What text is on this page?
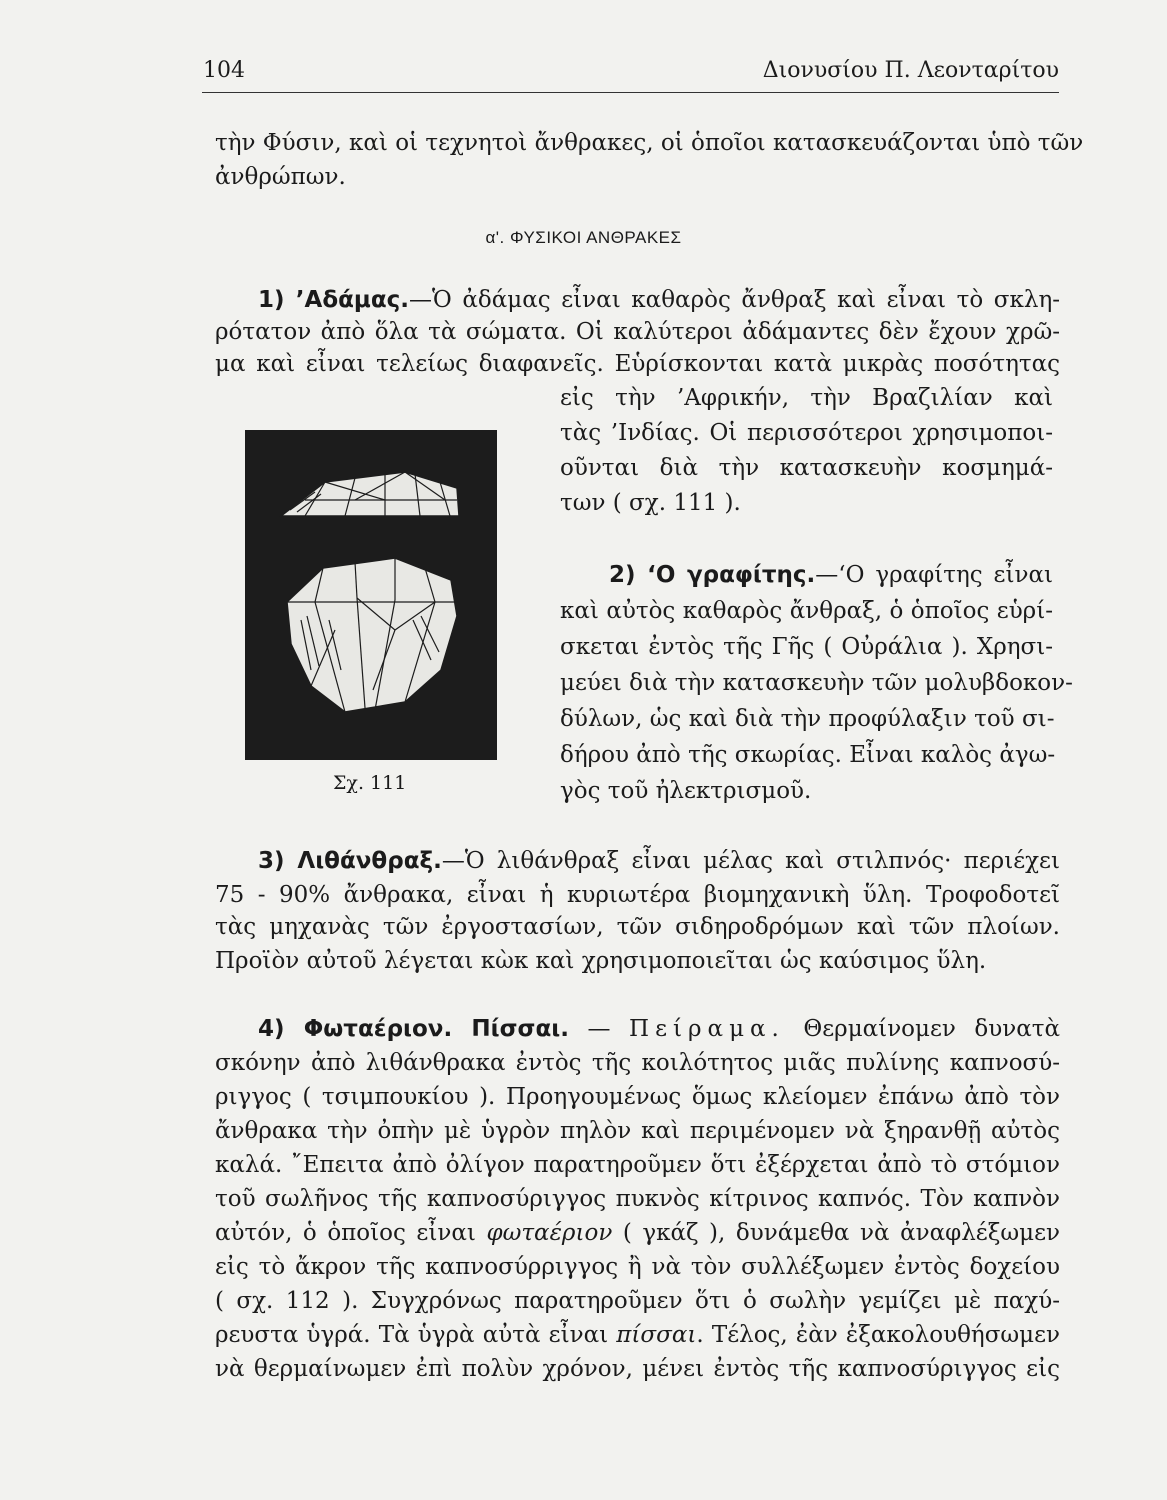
104	Διονυσίου Π. Λεονταρίτου
τὴν Φύσιν, καὶ οἱ τεχνητοὶ ἄνθρακες, οἱ ὁποῖοι κατασκευάζονται ὑπὸ τῶν
ἀνθρώπων.
α'. ΦΥΣΙΚΟΙ ΑΝΘΡΑΚΕΣ
1) ’Αδάμας.—Ὁ ἀδάμας εἶναι καθαρὸς ἄνθραξ καὶ εἶναι τὸ σκλη-
ρότατον ἀπὸ ὅλα τὰ σώματα. Οἱ καλύτεροι ἀδάμαντες δὲν ἔχουν χρῶ-
μα καὶ εἶναι τελείως διαφανεῖς. Εὑρίσκονται κατὰ μικρὰς ποσότητας
εἰς τὴν ’Αφρικήν, τὴν Βραζιλίαν καὶ
τὰς ’Ινδίας. Οἱ περισσότεροι χρησιμοποι-
οῦνται διὰ τὴν κατασκευὴν κοσμημά-
των ( σχ. 111 ).
Σχ. 111
2) ‘Ο γραφίτης.—‘Ο γραφίτης εἶναι
καὶ αὐτὸς καθαρὸς ἄνθραξ, ὁ ὁποῖος εὑρί-
σκεται ἐντὸς τῆς Γῆς ( Οὐράλια ). Χρησι-
μεύει διὰ τὴν κατασκευὴν τῶν μολυβδοκον-
δύλων, ὡς καὶ διὰ τὴν προφύλαξιν τοῦ σι-
δήρου ἀπὸ τῆς σκωρίας. Εἶναι καλὸς ἀγω-
γὸς τοῦ ἠλεκτρισμοῦ.
3) Λιθάνθραξ.—Ὁ λιθάνθραξ εἶναι μέλας καὶ στιλπνός· περιέχει
75 - 90% ἄνθρακα, εἶναι ἡ κυριωτέρα βιομηχανικὴ ὕλη. Τροφοδοτεῖ
τὰς μηχανὰς τῶν ἐργοστασίων, τῶν σιδηροδρόμων καὶ τῶν πλοίων.
Προϊὸν αὐτοῦ λέγεται κὼκ καὶ χρησιμοποιεῖται ὡς καύσιμος ὕλη.
4) Φωταέριον. Πίσσαι. — Πείραμα. Θερμαίνομεν δυνατὰ
σκόνην ἀπὸ λιθάνθρακα ἐντὸς τῆς κοιλότητος μιᾶς πυλίνης καπνοσύ-
ριγγος ( τσιμπουκίου ). Προηγουμένως ὅμως κλείομεν ἐπάνω ἀπὸ τὸν
ἄνθρακα τὴν ὀπὴν μὲ ὑγρὸν πηλὸν καὶ περιμένομεν νὰ ξηρανθῇ αὐτὸς
καλά. ῎Επειτα ἀπὸ ὀλίγον παρατηροῦμεν ὅτι ἐξέρχεται ἀπὸ τὸ στόμιον
τοῦ σωλῆνος τῆς καπνοσύριγγος πυκνὸς κίτρινος καπνός. Τὸν καπνὸν
αὐτόν, ὁ ὁποῖος εἶναι φωταέριον ( γκάζ ), δυνάμεθα νὰ ἀναφλέξωμεν
εἰς τὸ ἄκρον τῆς καπνοσύρριγγος ἢ νὰ τὸν συλλέξωμεν ἐντὸς δοχείου
( σχ. 112 ). Συγχρόνως παρατηροῦμεν ὅτι ὁ σωλὴν γεμίζει μὲ παχύ-
ρευστα ὑγρά. Τὰ ὑγρὰ αὐτὰ εἶναι πίσσαι. Τέλος, ἐὰν ἐξακολουθήσωμεν
νὰ θερμαίνωμεν ἐπὶ πολὺν χρόνον, μένει ἐντὸς τῆς καπνοσύριγγος εἰς
